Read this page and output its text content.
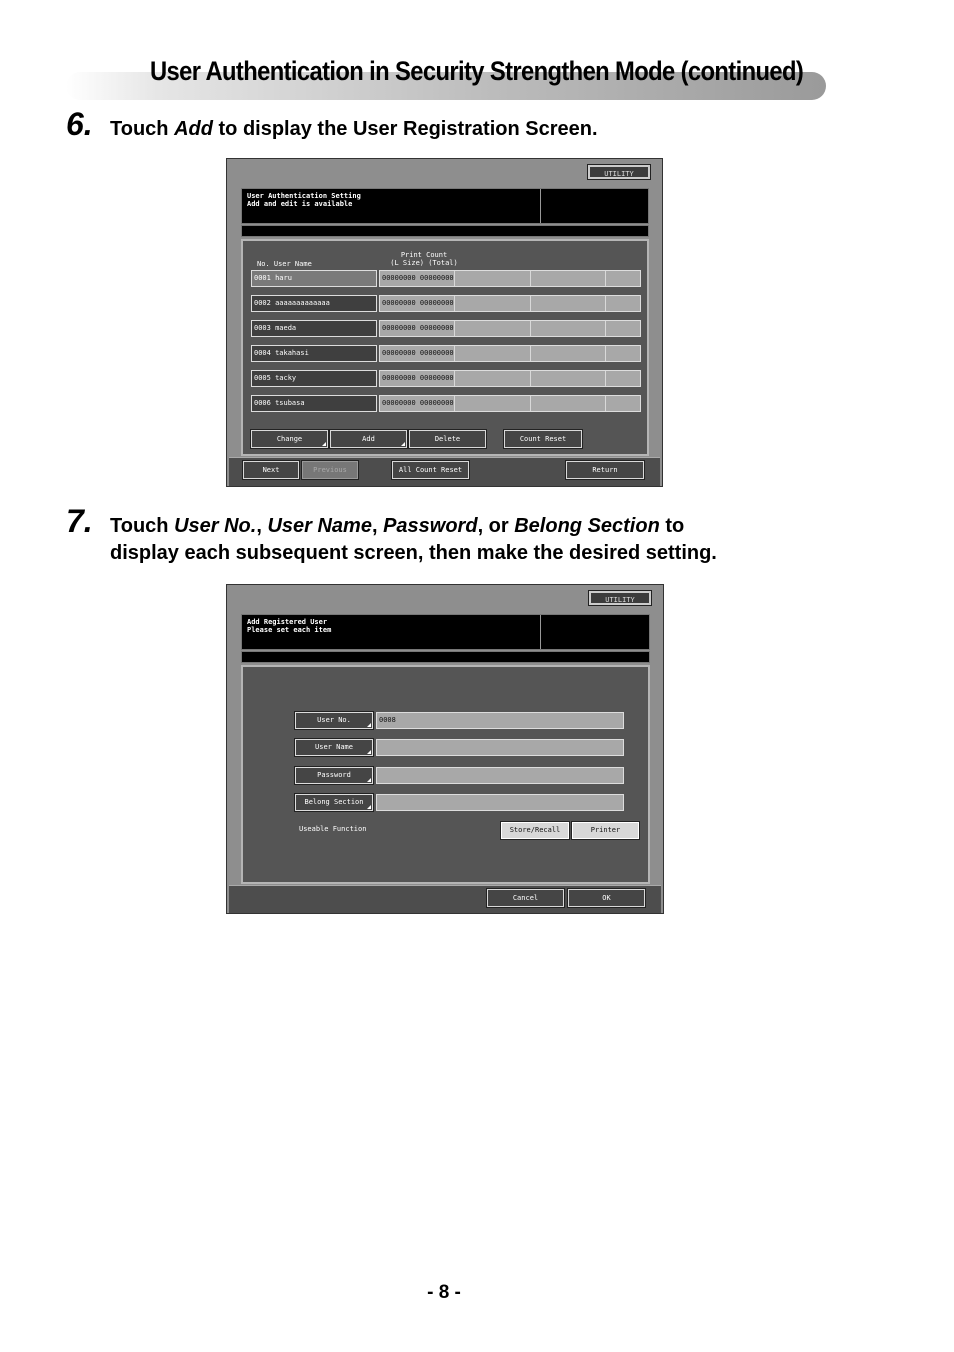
User Authentication in Security Strengthen Mode (continued)
6. Touch Add to display the User Registration Screen.
UTILITY
User Authentication Setting
Add and edit is available
No. User Name
Print Count
(L Size) (Total)
0001 haru	00000000 00000000
0002 aaaaaaaaaaaaa	00000000 00000000
0003 maeda	00000000 00000000
0004 takahasi	00000000 00000000
0005 tacky	00000000 00000000
0006 tsubasa	00000000 00000000
Change	Add	Delete	Count Reset
Next	Previous	All Count Reset	Return
7. Touch User No., User Name, Password, or Belong Section to
display each subsequent screen, then make the desired setting.
UTILITY
Add Registered User
Please set each item
User No.	0008
User Name
Password
Belong Section
Useable Function	Store/Recall	Printer
Cancel	OK
- 8 -
